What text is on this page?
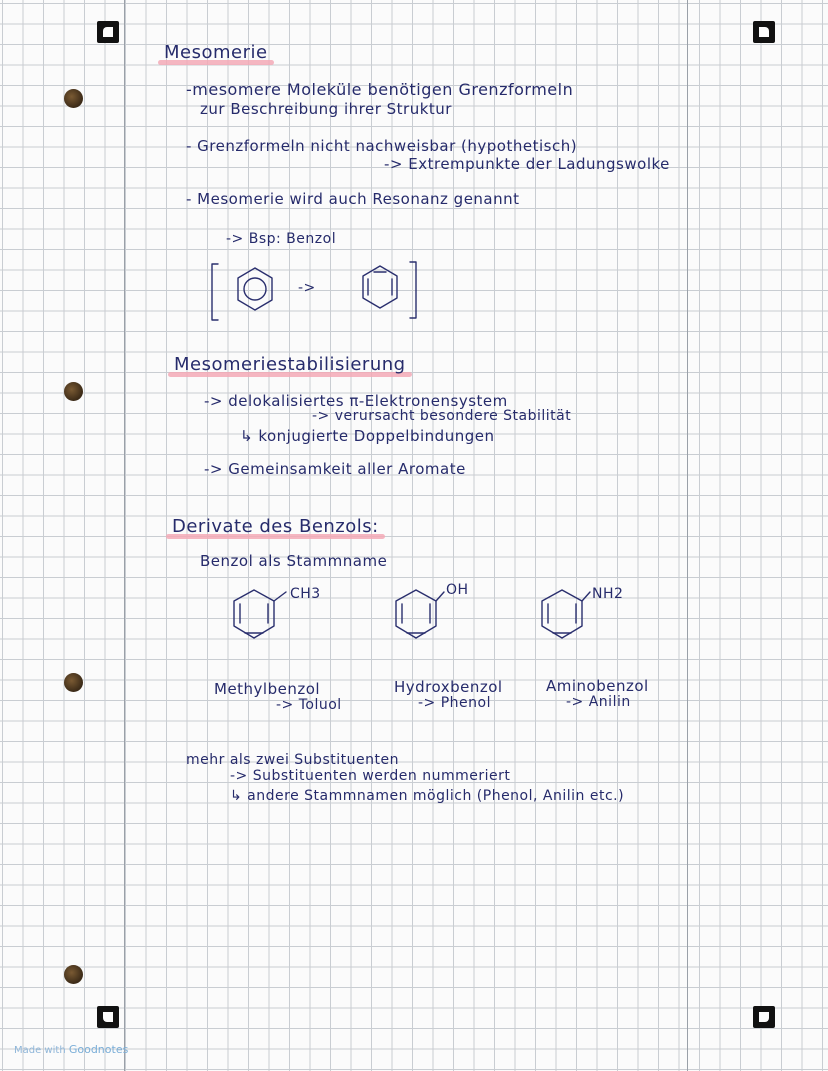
Mesomerie
-mesomere Moleküle benötigen Grenzformeln
zur Beschreibung ihrer Struktur
- Grenzformeln nicht nachweisbar (hypothetisch)
-> Extrempunkte der Ladungswolke
- Mesomerie wird auch Resonanz genannt
-> Bsp: Benzol
->
Mesomeriestabilisierung
-> delokalisiertes π-Elektronensystem
-> verursacht besondere Stabilität
↳ konjugierte Doppelbindungen
-> Gemeinsamkeit aller Aromate
Derivate des Benzols:
Benzol als Stammname
CH3	OH	NH2
Methylbenzol
-> Toluol
Hydroxbenzol
-> Phenol
Aminobenzol
-> Anilin
mehr als zwei Substituenten
-> Substituenten werden nummeriert
↳ andere Stammnamen möglich (Phenol, Anilin etc.)
Made with Goodnotes
